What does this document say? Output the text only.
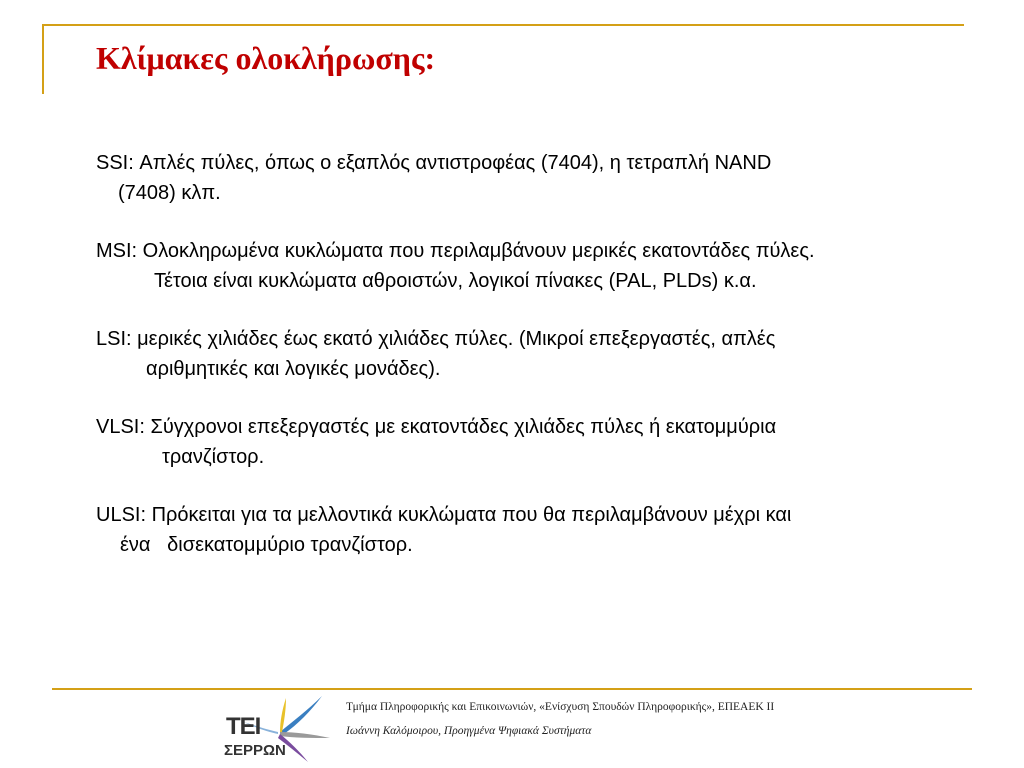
Κλίμακες ολοκλήρωσης:
SSI: Απλές πύλες, όπως ο εξαπλός αντιστροφέας (7404), η τετραπλή NAND
(7408) κλπ.
MSI: Ολοκληρωμένα κυκλώματα που περιλαμβάνουν μερικές εκατοντάδες πύλες.
Τέτοια είναι κυκλώματα αθροιστών, λογικοί πίνακες (PAL, PLDs) κ.α.
LSI: μερικές χιλιάδες έως εκατό χιλιάδες πύλες. (Μικροί επεξεργαστές, απλές
αριθμητικές και λογικές μονάδες).
VLSI: Σύγχρονοι επεξεργαστές με εκατοντάδες χιλιάδες πύλες ή εκατομμύρια
τρανζίστορ.
ULSI: Πρόκειται για τα μελλοντικά κυκλώματα που θα περιλαμβάνουν μέχρι και
ένα   δισεκατομμύριο τρανζίστορ.
ΤΕΙ
ΣΕΡΡΩΝ
Τμήμα Πληροφορικής και Επικοινωνιών, «Ενίσχυση Σπουδών Πληροφορικής», ΕΠΕΑΕΚ ΙΙ
Ιωάννη Καλόμοιρου, Προηγμένα Ψηφιακά Συστήματα
